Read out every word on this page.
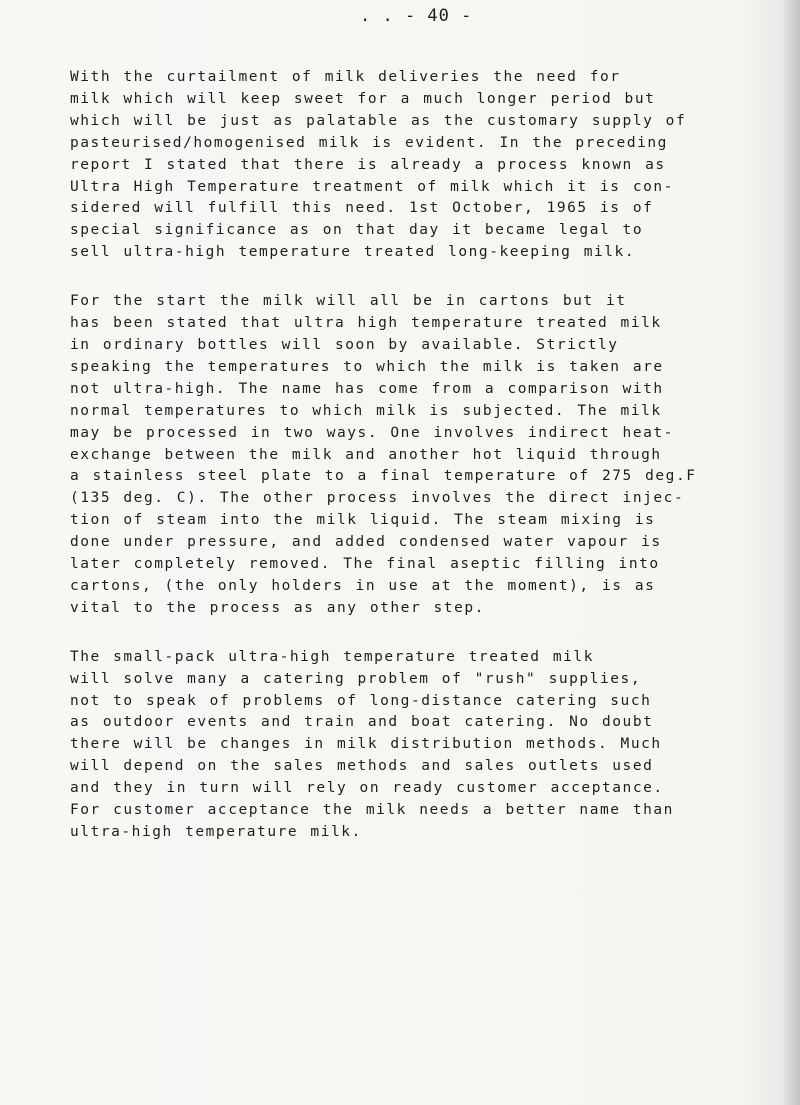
. . - 40 -
With the curtailment of milk deliveries the need for
milk which will keep sweet for a much longer period but
which will be just as palatable as the customary supply of
pasteurised/homogenised milk is evident. In the preceding
report I stated that there is already a process known as
Ultra High Temperature treatment of milk which it is con-
sidered will fulfill this need. 1st October, 1965 is of
special significance as on that day it became legal to
sell ultra-high temperature treated long-keeping milk.
For the start the milk will all be in cartons but it
has been stated that ultra high temperature treated milk
in ordinary bottles will soon by available. Strictly
speaking the temperatures to which the milk is taken are
not ultra-high. The name has come from a comparison with
normal temperatures to which milk is subjected. The milk
may be processed in two ways. One involves indirect heat-
exchange between the milk and another hot liquid through
a stainless steel plate to a final temperature of 275 deg.F
(135 deg. C). The other process involves the direct injec-
tion of steam into the milk liquid. The steam mixing is
done under pressure, and added condensed water vapour is
later completely removed. The final aseptic filling into
cartons, (the only holders in use at the moment), is as
vital to the process as any other step.
The small-pack ultra-high temperature treated milk
will solve many a catering problem of "rush" supplies,
not to speak of problems of long-distance catering such
as outdoor events and train and boat catering. No doubt
there will be changes in milk distribution methods. Much
will depend on the sales methods and sales outlets used
and they in turn will rely on ready customer acceptance.
For customer acceptance the milk needs a better name than
ultra-high temperature milk.
